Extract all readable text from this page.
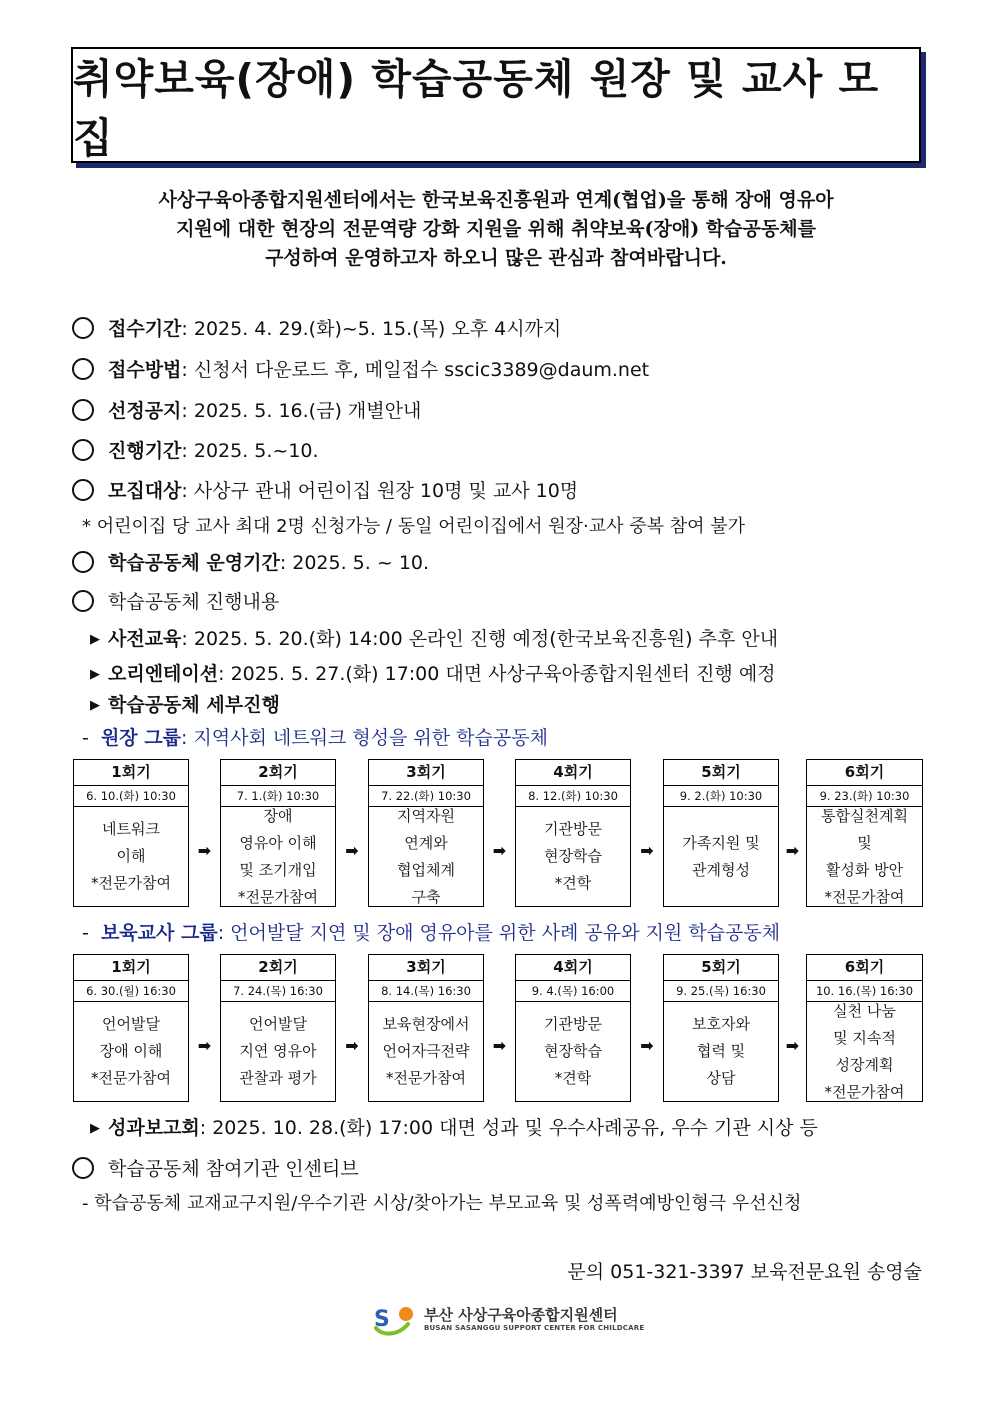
취약보육(장애) 학습공동체 원장 및 교사 모집
사상구육아종합지원센터에서는 한국보육진흥원과 연계(협업)을 통해 장애 영유아
지원에 대한 현장의 전문역량 강화 지원을 위해 취약보육(장애) 학습공동체를
구성하여 운영하고자 하오니 많은 관심과 참여바랍니다.
접수기간: 2025. 4. 29.(화)~5. 15.(목) 오후 4시까지
접수방법: 신청서 다운로드 후, 메일접수 sscic3389@daum.net
선정공지: 2025. 5. 16.(금) 개별안내
진행기간: 2025. 5.~10.
모집대상: 사상구 관내 어린이집 원장 10명 및 교사 10명
* 어린이집 당 교사 최대 2명 신청가능 / 동일 어린이집에서 원장·교사 중복 참여 불가
학습공동체 운영기간: 2025. 5. ~ 10.
학습공동체 진행내용
▶ 사전교육: 2025. 5. 20.(화) 14:00 온라인 진행 예정(한국보육진흥원) 추후 안내
▶ 오리엔테이션: 2025. 5. 27.(화) 17:00 대면 사상구육아종합지원센터 진행 예정
▶ 학습공동체 세부진행
-  원장 그룹: 지역사회 네트워크 형성을 위한 학습공동체
1회기
6. 10.(화) 10:30
네트워크
이해
*전문가참여
➡
2회기
7. 1.(화) 10:30
장애
영유아 이해
및 조기개입
*전문가참여
➡
3회기
7. 22.(화) 10:30
지역자원
연계와
협업체계
구축
➡
4회기
8. 12.(화) 10:30
기관방문
현장학습
*견학
➡
5회기
9. 2.(화) 10:30
가족지원 및
관계형성
➡
6회기
9. 23.(화) 10:30
통합실천계획
및
활성화 방안
*전문가참여
-  보육교사 그룹: 언어발달 지연 및 장애 영유아를 위한 사례 공유와 지원 학습공동체
1회기
6. 30.(월) 16:30
언어발달
장애 이해
*전문가참여
➡
2회기
7. 24.(목) 16:30
언어발달
지연 영유아
관찰과 평가
➡
3회기
8. 14.(목) 16:30
보육현장에서
언어자극전략
*전문가참여
➡
4회기
9. 4.(목) 16:00
기관방문
현장학습
*견학
➡
5회기
9. 25.(목) 16:30
보호자와
협력 및
상담
➡
6회기
10. 16.(목) 16:30
실천 나눔
및 지속적
성장계획
*전문가참여
▶ 성과보고회: 2025. 10. 28.(화) 17:00 대면 성과 및 우수사례공유, 우수 기관 시상 등
학습공동체 참여기관 인센티브
- 학습공동체 교재교구지원/우수기관 시상/찾아가는 부모교육 및 성폭력예방인형극 우선신청
문의 051-321-3397 보육전문요원 송영술
S 부산 사상구육아종합지원센터
BUSAN SASANGGU SUPPORT CENTER FOR CHILDCARE
